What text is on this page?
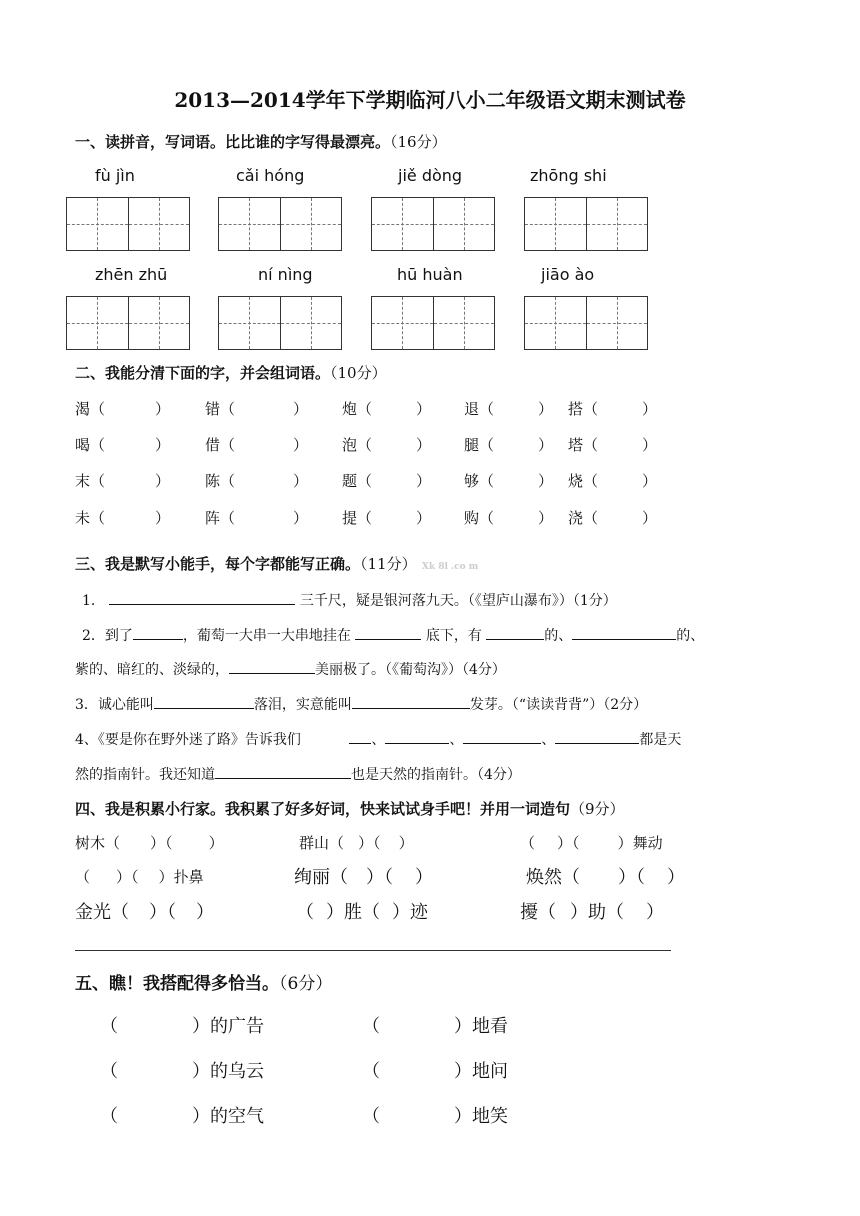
2013—2014学年下学期临河八小二年级语文期末测试卷
一、读拼音，写词语。比比谁的字写得最漂亮。（16分）
fù jìn	cǎi hóng	jiě dòng	zhōng shi
zhēn zhū	ní nìng	hū huàn	jiāo ào
二、我能分清下面的字，并会组词语。（10分）
渴（	） 错（	） 炮（	） 退（	） 搭（	）
喝（	） 借（	） 泡（	） 腿（	） 塔（	）
末（	） 陈（	） 题（	） 够（	） 烧（	）
未（	） 阵（	） 提（	） 购（	） 浇（	）
三、我是默写小能手，每个字都能写正确。（11分） Xk 8l .co m
1．	三千尺，疑是银河落九天。（《望庐山瀑布》）（1分）
2．到了	，葡萄一大串一大串地挂在	底下，有	的、	的、
紫的、暗红的、淡绿的，	美丽极了。（《葡萄沟》）（4分）
3．诚心能叫	落泪，实意能叫	发芽。（“读读背背”）（2分）
4、《要是你在野外迷了路》告诉我们	、	、	、	都是天
然的指南针。我还知道	也是天然的指南针。（4分）
四、我是积累小行家。我积累了好多好词，快来试试身手吧！并用一词造句（9分）
树木（ ）（ ）	群山（ ）（ ）	（ ）（	）舞动
（ ）（ ）扑鼻	绚丽（ ）（ ）	焕然（ ）（ ）
金光（ ）（ ）	（ ）胜（ ）迹	擾（ ）助（ ）
五、瞧！我搭配得多恰当。（6分）
（	）的广告	（	）地看
（	）的乌云	（	）地问
（	）的空气	（	）地笑
